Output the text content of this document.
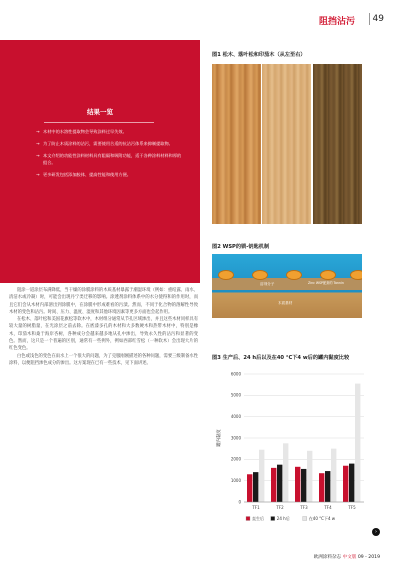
阻挡沾污 49
结果一览
→ 木材中的水溶性提取物会导致涂料过早失效。
→ 为了防止木质涂料的沾污，需要使用合适的抗沾污体系来抑制提取物。
→ 本文介绍的功能性涂料材料具有阻隔和吸附功能，适于各种涂料材料和厚的组合。
→ 更多研发包括添加胶体、提高性能和使用方便。
图1 松木、落叶松和印茄木（从左至右）
图2 WSP的锁-钥匙机制
溶剂分子	Zinc WSP配套的 Tannin
木质基材

阻涂一道涂层布满降低，当干燥的涂膜涂料的木质基材暴露于潮湿环境（例如：重结露、雨水、清洁水或冷凝）时，可能会出现丹宁类迁移的影响。涂透剂涂料体系中的水分使得和的作用时，而且它们会从木材内部溶出到涂膜中，在涂膜中形成难看的污渍。然而，不同于化合物的溶解性导致木材的变色和沾污。时间、压力、温度、湿度和其他环境因素等更多方面也会起作用。

在松木、落叶松和美国花旗松等软木中，木材组分通常从节孔区域渗出，并且这些木材同样具有较大量的树脂量，在光涂层之前去除。在底漆多孔的木材和大多数硬木和热带木材中，特别是橡木，印茄木和桑于海岸杏树，各种成分会越来越多地从孔中渗出，导致永久性的沾污和显著的变色。然而，这只是一个普遍的区别，通常有一些例外，例如西部红雪松（一种软木）会出现大片的红色变色。

白色或浅色的变色在雨水上一个很大的问题，为了克服刚刚描述的各种问题，需要三级制备水性涂料，以便阻挡渗色成分的渗出。这方案现在已有一些技术，见下面讲述。

图3 生产后、24 h后以及在40 °C下4 w后的罐内黏度比较
0
1000
2000
3000
4000
5000
6000
罐内黏度
TF1	TF2	TF3	TF4	TF5
直生后	24 h后	在40 °C下4 w
›
欧洲涂料杂志 中文版 09 - 2019
